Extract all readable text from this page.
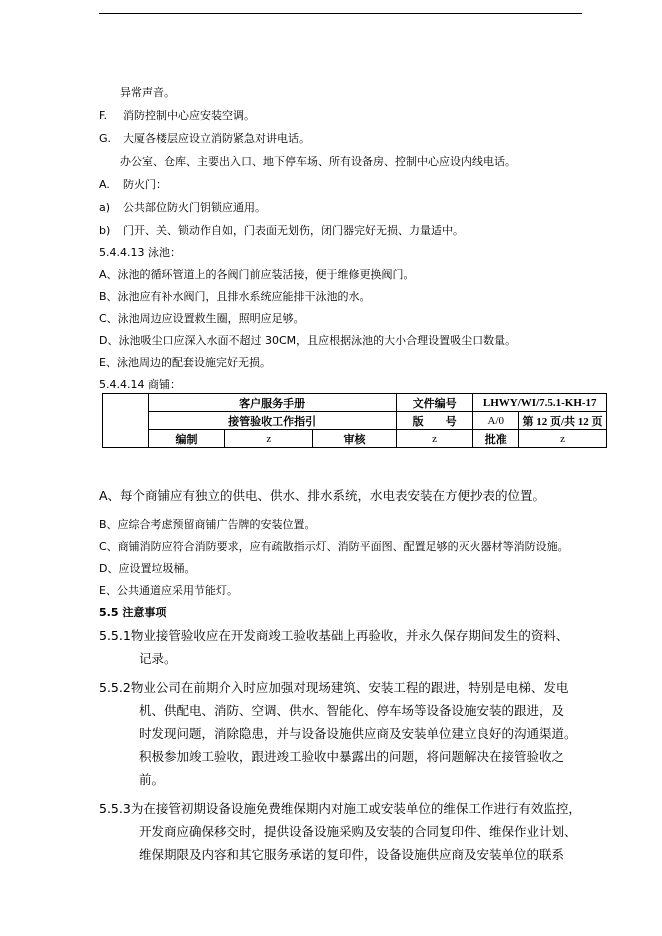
异常声音。
F. 消防控制中心应安装空调。
G. 大厦各楼层应设立消防紧急对讲电话。
办公室、仓库、主要出入口、地下停车场、所有设备房、控制中心应设内线电话。
A. 防火门：
a) 公共部位防火门钥锁应通用。
b) 门开、关、锁动作自如，门表面无划伤，闭门器完好无损、力量适中。
5.4.4.13 泳池：
A、泳池的循环管道上的各阀门前应装活接，便于维修更换阀门。
B、泳池应有补水阀门，且排水系统应能排干泳池的水。
C、泳池周边应设置救生圈，照明应足够。
D、泳池吸尘口应深入水面不超过 30CM，且应根据泳池的大小合理设置吸尘口数量。
E、泳池周边的配套设施完好无损。
5.4.4.14 商铺：
	客户服务手册			文件编号	LHWY/WI/7.5.1-KH-17	
	接管验收工作指引			版　　号	A/0	第 12 页/共 12 页
	编制	z	审核	z	批准	z
A、每个商铺应有独立的供电、供水、排水系统，水电表安装在方便抄表的位置。
B、应综合考虑预留商铺广告牌的安装位置。
C、商铺消防应符合消防要求，应有疏散指示灯、消防平面图、配置足够的灭火器材等消防设施。
D、应设置垃圾桶。
E、公共通道应采用节能灯。
5.5 注意事项
5.5.1物业接管验收应在开发商竣工验收基础上再验收，并永久保存期间发生的资料、
记录。
5.5.2物业公司在前期介入时应加强对现场建筑、安装工程的跟进，特别是电梯、发电
机、供配电、消防、空调、供水、智能化、停车场等设备设施安装的跟进，及
时发现问题，消除隐患，并与设备设施供应商及安装单位建立良好的沟通渠道。
积极参加竣工验收，跟进竣工验收中暴露出的问题，将问题解决在接管验收之
前。
5.5.3为在接管初期设备设施免费维保期内对施工或安装单位的维保工作进行有效监控，
开发商应确保移交时，提供设备设施采购及安装的合同复印件、维保作业计划、
维保期限及内容和其它服务承诺的复印件，设备设施供应商及安装单位的联系
